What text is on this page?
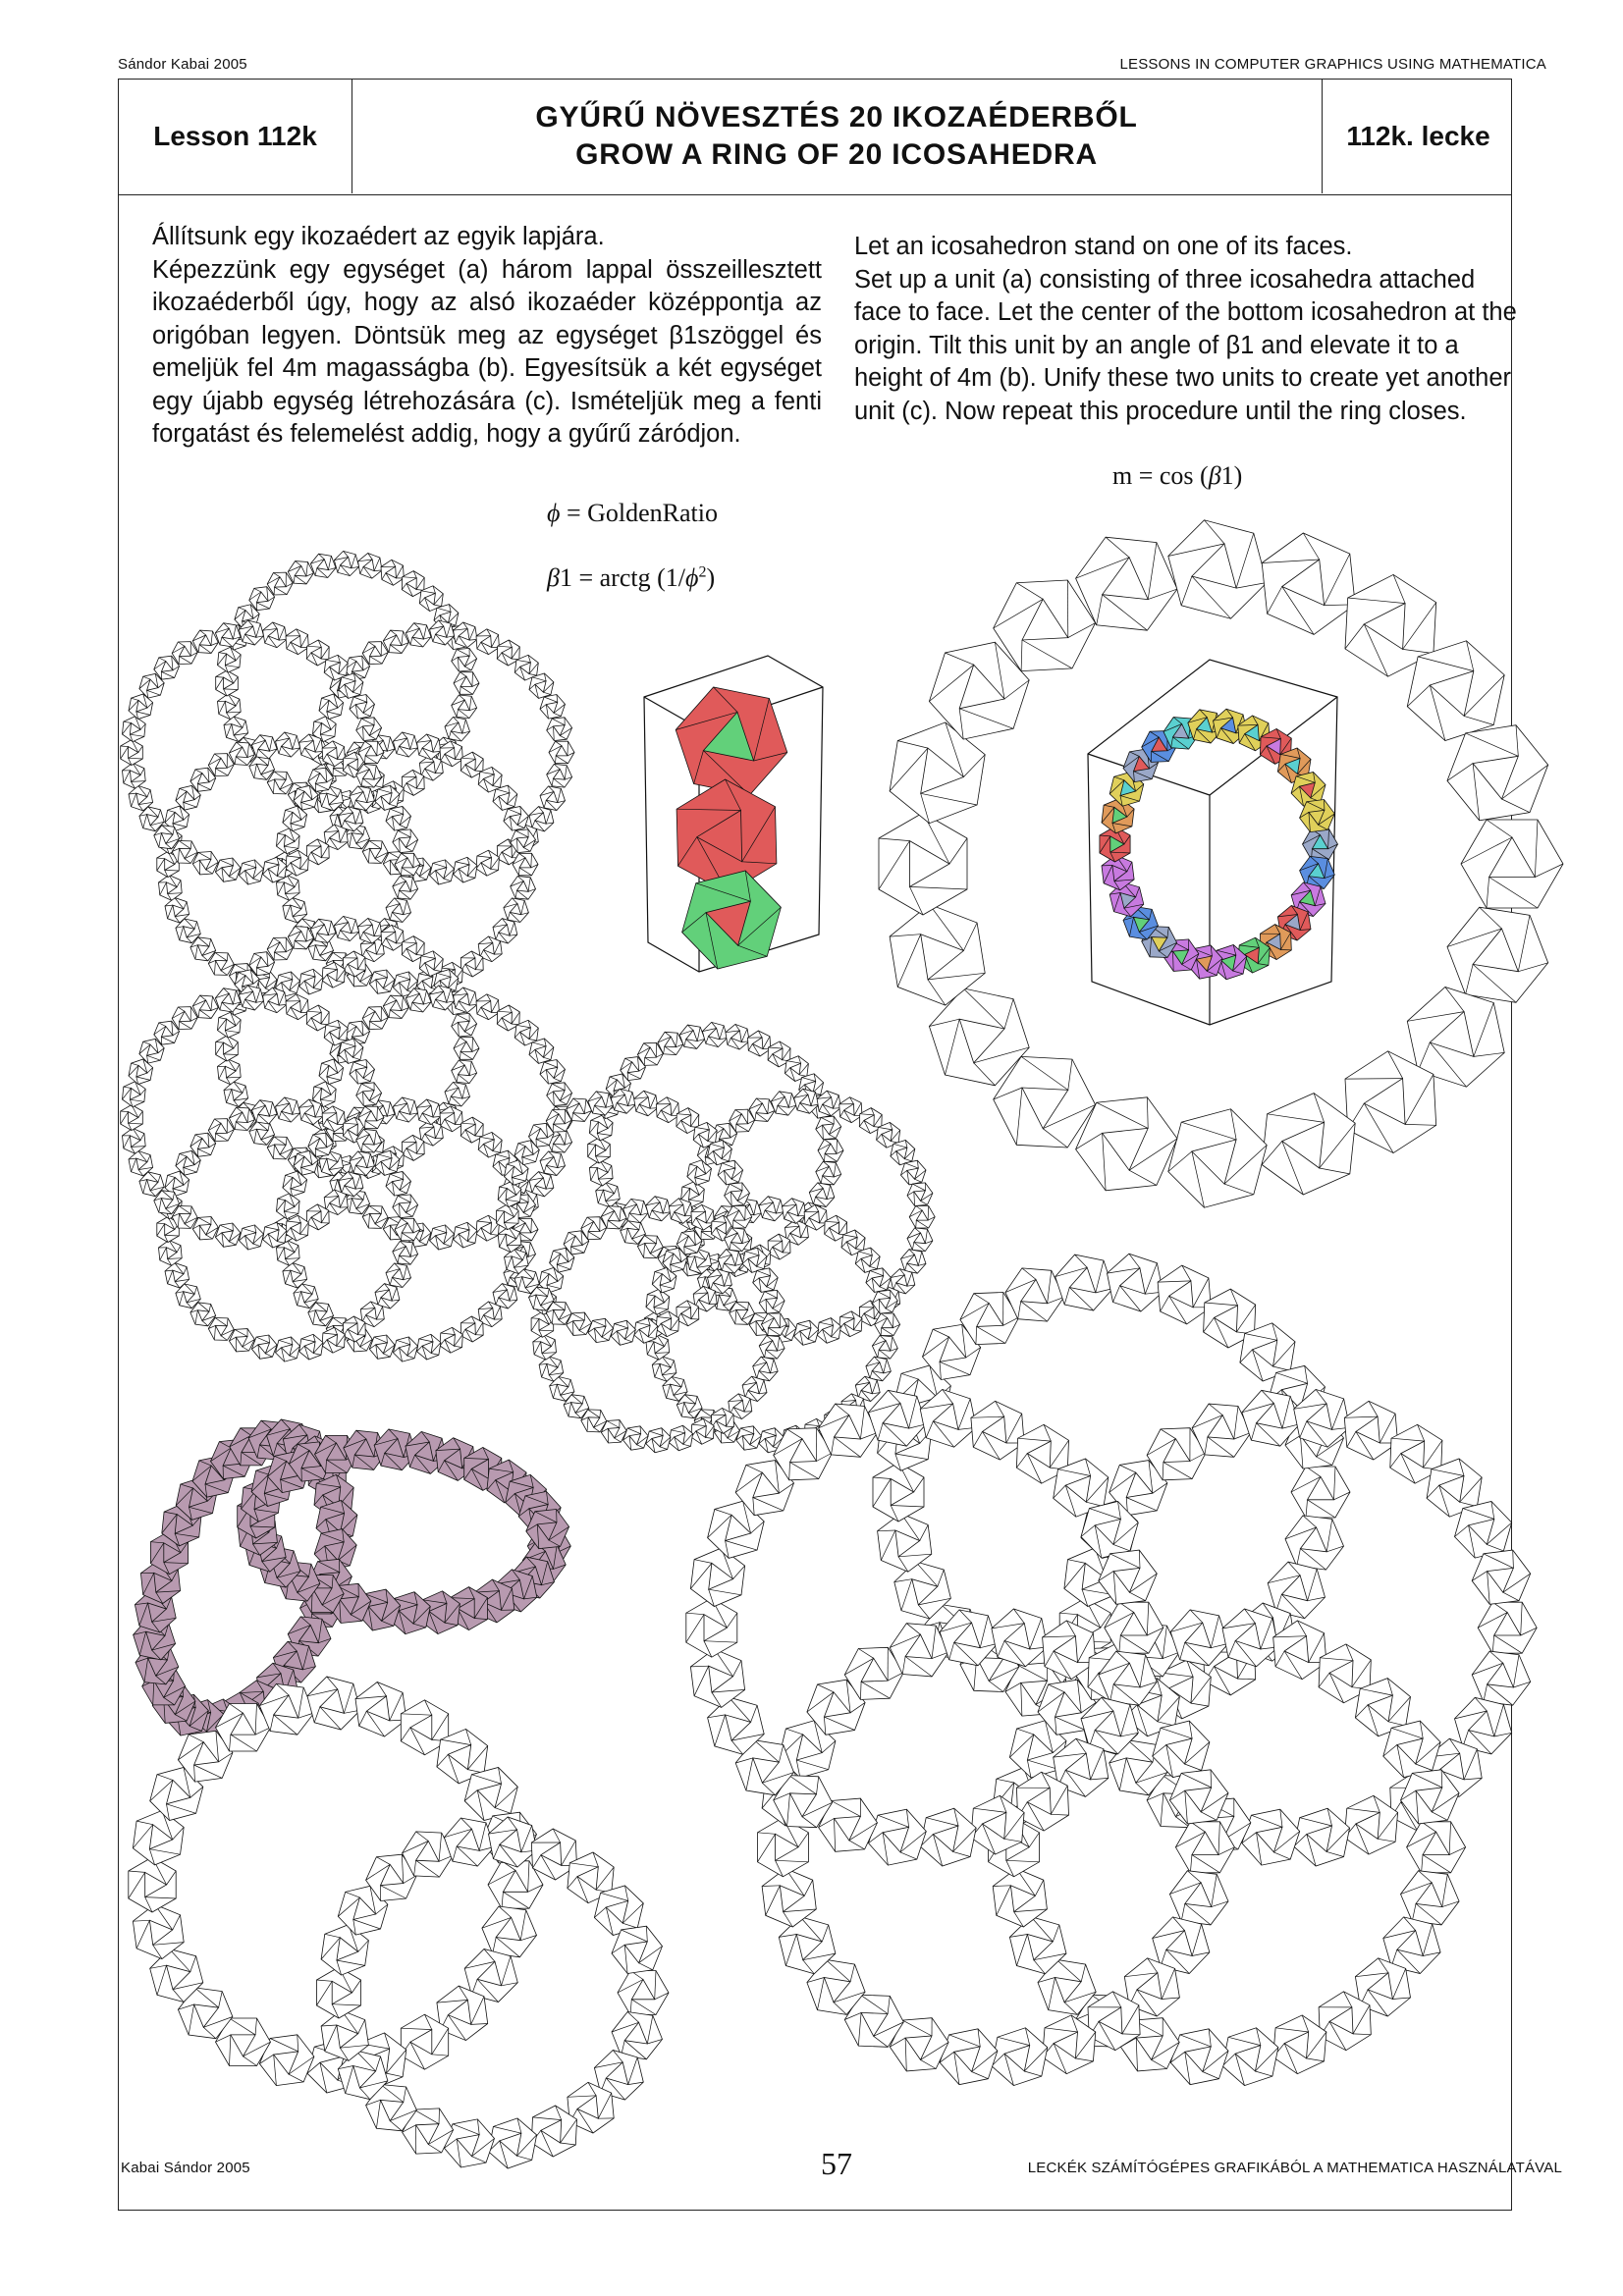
Sándor Kabai 2005	LESSONS IN COMPUTER GRAPHICS USING MATHEMATICA
Lesson 112k
GYŰRŰ NÖVESZTÉS 20 IKOZAÉDERBŐL
GROW A RING OF 20 ICOSAHEDRA
112k. lecke

Állítsunk egy ikozaédert az egyik lapjára.

Képezzünk egy egységet (a) három lappal összeillesztett ikozaéderből úgy, hogy az alsó ikozaéder középpontja az origóban legyen. Döntsük meg az egységet β1szöggel és emeljük fel 4m magasságba (b). Egyesítsük a két egységet egy újabb egység létrehozására (c). Ismételjük meg a fenti forgatást és felemelést addig, hogy a gyűrű záródjon.

Let an icosahedron stand on one of its faces.

Set up a unit (a) consisting of three icosahedra attached face to face. Let the center of the bottom icosahedron at the origin. Tilt this unit by an angle of β1 and elevate it to a height of 4m (b). Unify these two units to create yet another unit (c). Now repeat this procedure until the ring closes.

m = cos (β1)
ϕ = GoldenRatio
β1 = arctg $(1/\phi^2)$
Kabai Sándor 2005	57	LECKÉK SZÁMÍTÓGÉPES GRAFIKÁBÓL A MATHEMATICA HASZNÁLATÁVAL
